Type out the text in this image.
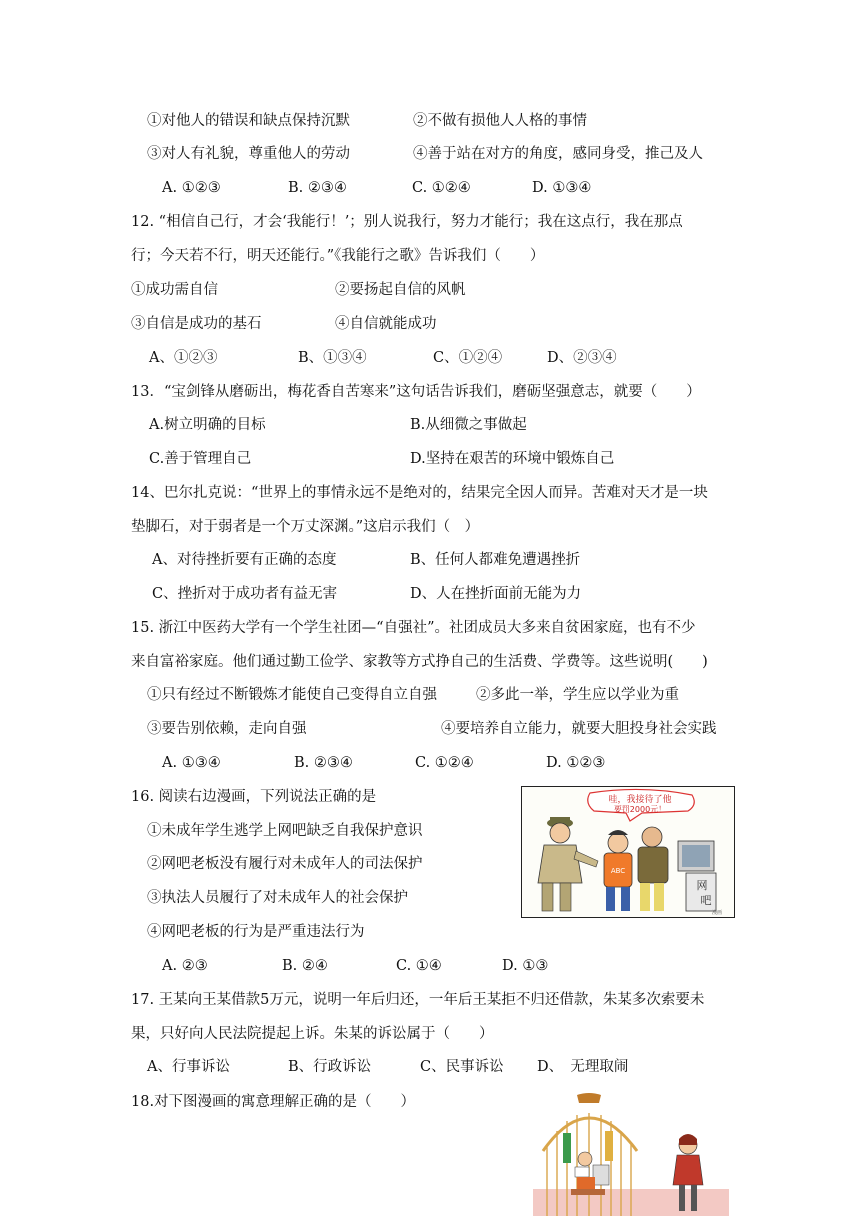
①对他人的错误和缺点保持沉默	②不做有损他人人格的事情
③对人有礼貌，尊重他人的劳动	④善于站在对方的角度，感同身受，推己及人
A. ①②③	B. ②③④	C. ①②④	D. ①③④
12. “相信自己行，才会‘我能行！’；别人说我行，努力才能行；我在这点行，我在那点
行；今天若不行，明天还能行。”《我能行之歌》告诉我们（　　）
①成功需自信	②要扬起自信的风帆
③自信是成功的基石	④自信就能成功
A、①②③	B、①③④	C、①②④	D、②③④
13．“宝剑锋从磨砺出，梅花香自苦寒来”这句话告诉我们，磨砺坚强意志，就要（　　）
A.树立明确的目标	B.从细微之事做起
C.善于管理自己	D.坚持在艰苦的环境中锻炼自己
14、巴尔扎克说：“世界上的事情永远不是绝对的，结果完全因人而异。苦难对天才是一块
垫脚石，对于弱者是一个万丈深渊。”这启示我们（　）
A、对待挫折要有正确的态度	B、任何人都难免遭遇挫折
C、挫折对于成功者有益无害	D、人在挫折面前无能为力
15. 浙江中医药大学有一个学生社团—“自强社”。社团成员大多来自贫困家庭，也有不少
来自富裕家庭。他们通过勤工俭学、家教等方式挣自己的生活费、学费等。这些说明(　　)
①只有经过不断锻炼才能使自己变得自立自强	②多此一举，学生应以学业为重
③要告别依赖，走向自强	④要培养自立能力，就要大胆投身社会实践
A. ①③④	B. ②③④	C. ①②④	D. ①②③
16. 阅读右边漫画，下列说法正确的是
①未成年学生逃学上网吧缺乏自我保护意识
②网吧老板没有履行对未成年人的司法保护
③执法人员履行了对未成年人的社会保护
④网吧老板的行为是严重违法行为
A. ②③	B. ②④	C. ①④	D. ①③
哇，我接待了他
要罚2000元！
ABC
网
吧
漫画
17. 王某向王某借款5万元，说明一年后归还，一年后王某拒不归还借款，朱某多次索要未
果，只好向人民法院提起上诉。朱某的诉讼属于（　　）
A、行事诉讼	B、行政诉讼	C、民事诉讼 D、　无理取闹
18.对下图漫画的寓意理解正确的是（　　）
